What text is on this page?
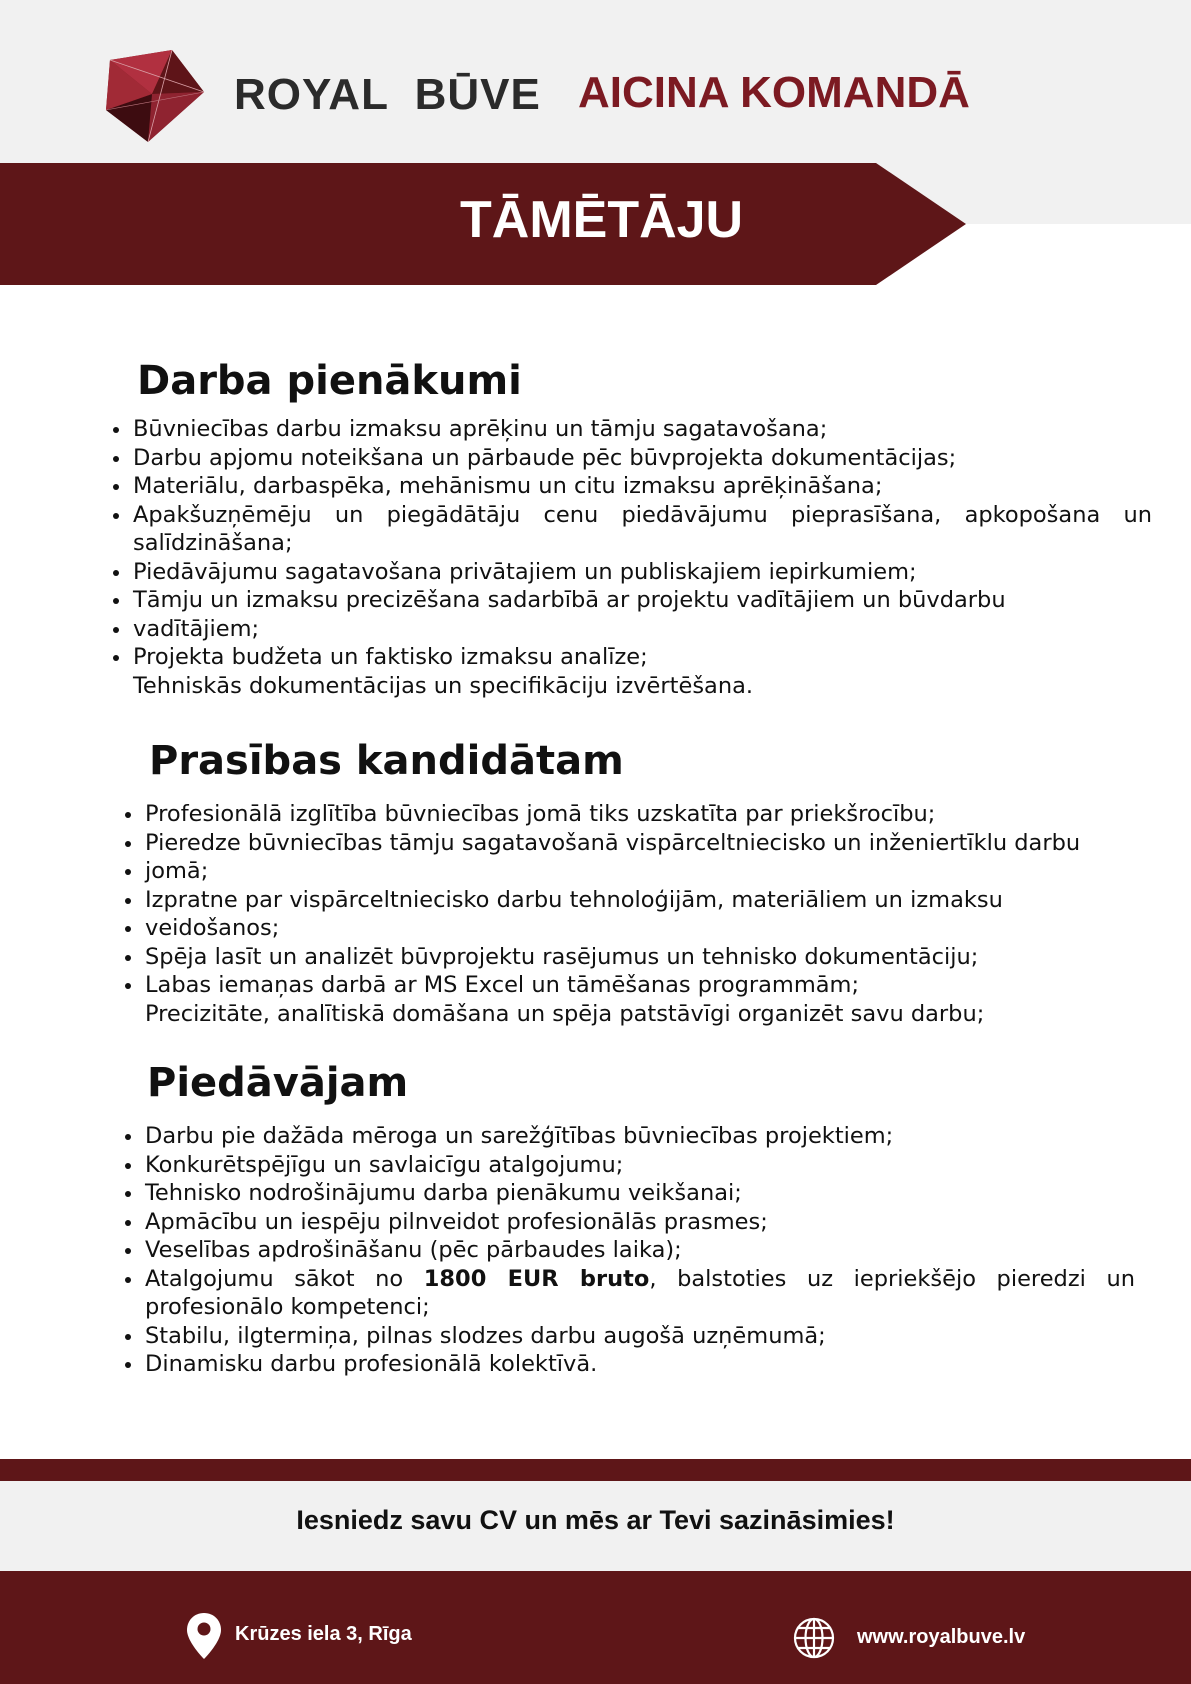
ROYAL  BŪVE AICINA KOMANDĀ
TĀMĒTĀJU
Darba pienākumi
Būvniecības darbu izmaksu aprēķinu un tāmju sagatavošana;
Darbu apjomu noteikšana un pārbaude pēc būvprojekta dokumentācijas;
Materiālu, darbaspēka, mehānismu un citu izmaksu aprēķināšana;
Apakšuzņēmēju un piegādātāju cenu piedāvājumu pieprasīšana, apkopošana un
salīdzināšana;
Piedāvājumu sagatavošana privātajiem un publiskajiem iepirkumiem;
Tāmju un izmaksu precizēšana sadarbībā ar projektu vadītājiem un būvdarbu
vadītājiem;
Projekta budžeta un faktisko izmaksu analīze;
Tehniskās dokumentācijas un specifikāciju izvērtēšana.
Prasības kandidātam
Profesionālā izglītība būvniecības jomā tiks uzskatīta par priekšrocību;
Pieredze būvniecības tāmju sagatavošanā vispārceltniecisko un inženiertīklu darbu
jomā;
Izpratne par vispārceltniecisko darbu tehnoloģijām, materiāliem un izmaksu
veidošanos;
Spēja lasīt un analizēt būvprojektu rasējumus un tehnisko dokumentāciju;
Labas iemaņas darbā ar MS Excel un tāmēšanas programmām;
Precizitāte, analītiskā domāšana un spēja patstāvīgi organizēt savu darbu;
Piedāvājam
Darbu pie dažāda mēroga un sarežģītības būvniecības projektiem;
Konkurētspējīgu un savlaicīgu atalgojumu;
Tehnisko nodrošinājumu darba pienākumu veikšanai;
Apmācību un iespēju pilnveidot profesionālās prasmes;
Veselības apdrošināšanu (pēc pārbaudes laika);
Atalgojumu sākot no 1800 EUR bruto, balstoties uz iepriekšējo pieredzi un
profesionālo kompetenci;
Stabilu, ilgtermiņa, pilnas slodzes darbu augošā uzņēmumā;
Dinamisku darbu profesionālā kolektīvā.

Iesniedz savu CV un mēs ar Tevi sazināsimies!

Krūzes iela 3, Rīga	www.royalbuve.lv
